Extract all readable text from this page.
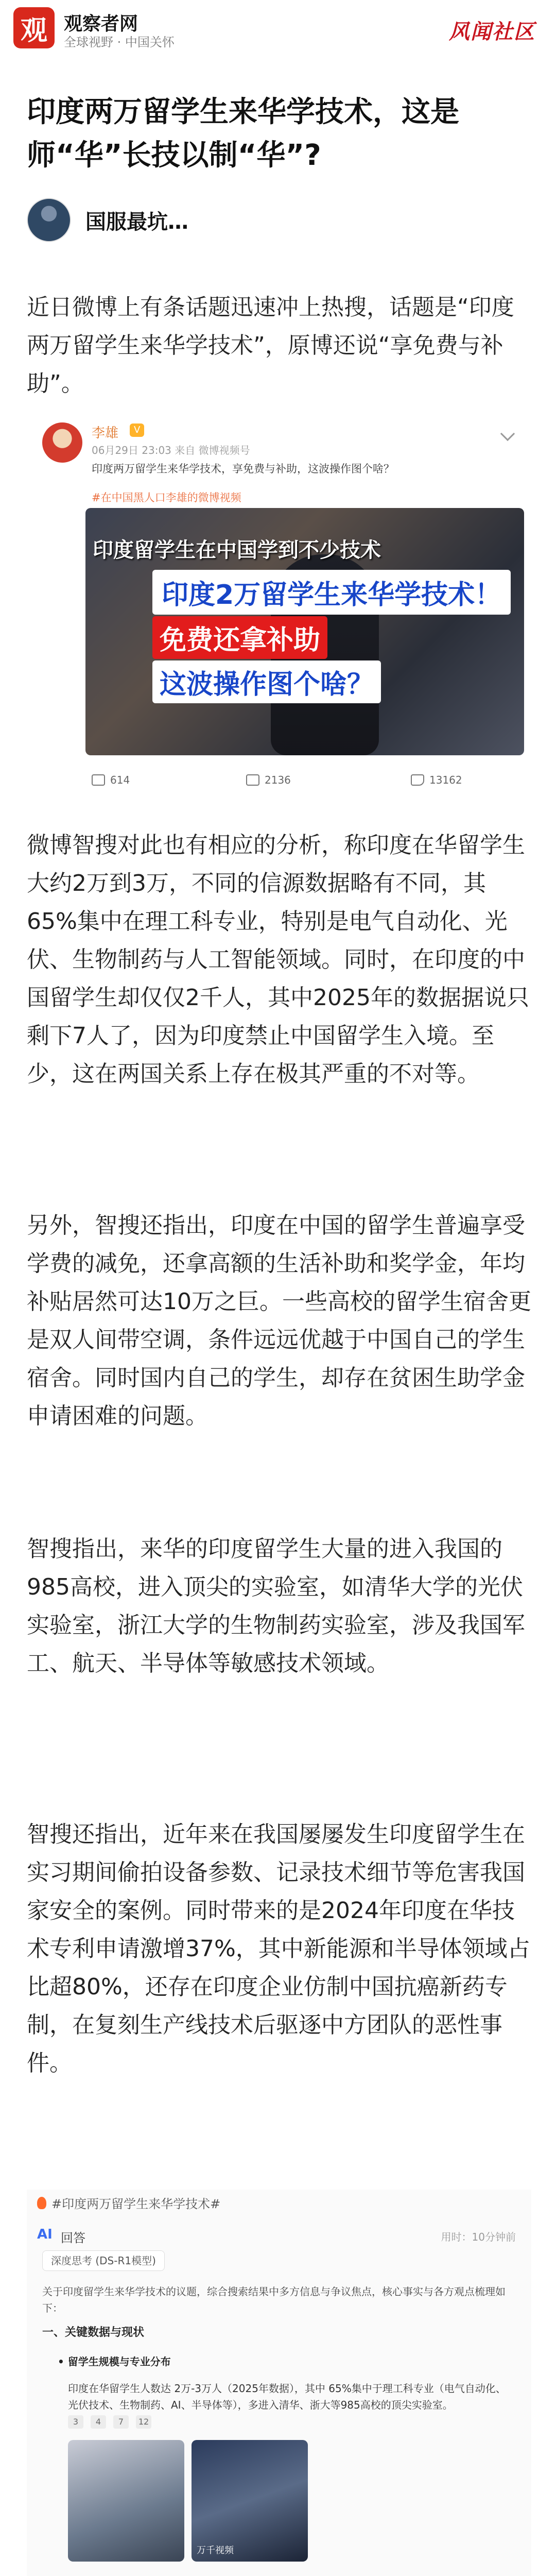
观 观察者网
全球视野 · 中国关怀	风闻社区
印度两万留学生来华学技术，这是师“华”长技以制“华”?
国服最坑…

近日微博上有条话题迅速冲上热搜，话题是“印度两万留学生来华学技术”，原博还说“享免费与补助”。

李雄	V
06月29日 23:03 来自 微博视频号
印度两万留学生来华学技术，享免费与补助，这波操作图个啥？
#在中国黑人口李雄的微博视频
印度留学生在中国学到不少技术
印度2万留学生来华学技术！
免费还拿补助
这波操作图个啥？
614	2136	13162

微博智搜对此也有相应的分析，称印度在华留学生大约2万到3万，不同的信源数据略有不同，其65%集中在理工科专业，特别是电气自动化、光伏、生物制药与人工智能领域。同时，在印度的中国留学生却仅仅2千人，其中2025年的数据据说只剩下7人了，因为印度禁止中国留学生入境。至少，这在两国关系上存在极其严重的不对等。

另外，智搜还指出，印度在中国的留学生普遍享受学费的减免，还拿高额的生活补助和奖学金，年均补贴居然可达10万之巨。一些高校的留学生宿舍更是双人间带空调，条件远远优越于中国自己的学生宿舍。同时国内自己的学生，却存在贫困生助学金申请困难的问题。

智搜指出，来华的印度留学生大量的进入我国的985高校，进入顶尖的实验室，如清华大学的光伏实验室，浙江大学的生物制药实验室，涉及我国军工、航天、半导体等敏感技术领域。

智搜还指出，近年来在我国屡屡发生印度留学生在实习期间偷拍设备参数、记录技术细节等危害我国家安全的案例。同时带来的是2024年印度在华技术专利申请激增37%，其中新能源和半导体领域占比超80%，还存在印度企业仿制中国抗癌新药专制，在复刻生产线技术后驱逐中方团队的恶性事件。

#印度两万留学生来华学技术#
AI 回答	用时：10分钟前
深度思考 (DS-R1模型)
关于印度留学生来华学技术的议题，综合搜索结果中多方信息与争议焦点，核心事实与各方观点梳理如下：
一、关键数据与现状
• 留学生规模与专业分布
印度在华留学生人数达 2万-3万人（2025年数据），其中 65%集中于理工科专业（电气自动化、光伏技术、生物制药、AI、半导体等），多进入清华、浙大等985高校的顶尖实验室。
3	4	7	12
万千视频
